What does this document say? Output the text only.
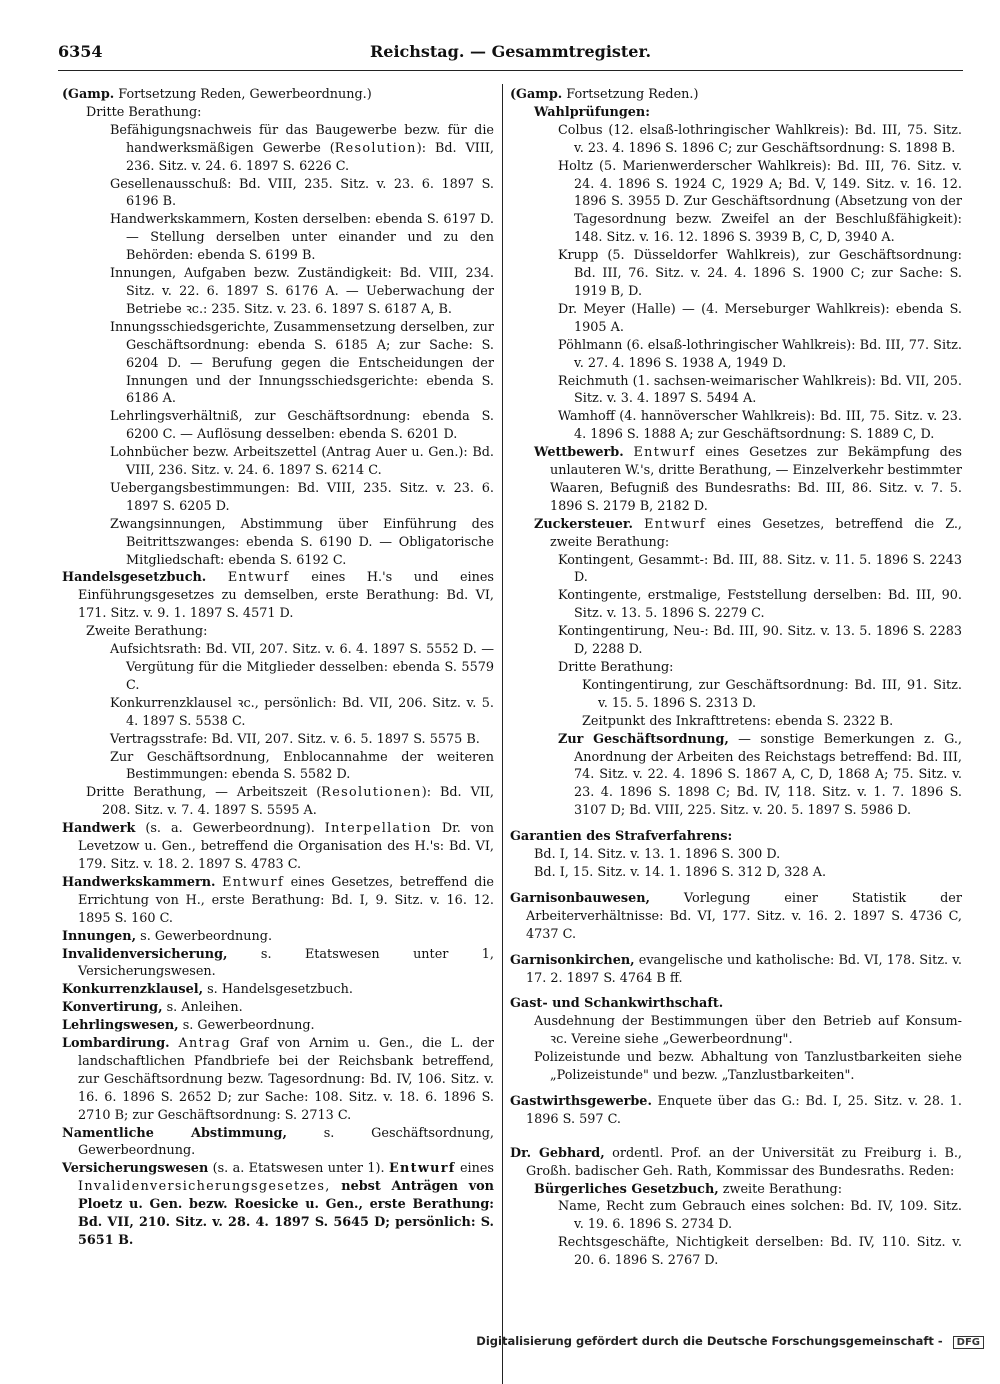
6354	Reichstag. — Gesammtregister.
(Gamp. Fortsetzung Reden, Gewerbeordnung.)
Dritte Berathung:
Befähigungsnachweis für das Baugewerbe bezw. für die handwerksmäßigen Gewerbe (Resolution): Bd. VIII, 236. Sitz. v. 24. 6. 1897 S. 6226 C.
Gesellenausschuß: Bd. VIII, 235. Sitz. v. 23. 6. 1897 S. 6196 B.
Handwerkskammern, Kosten derselben: ebenda S. 6197 D. — Stellung derselben unter einander und zu den Behörden: ebenda S. 6199 B.
Innungen, Aufgaben bezw. Zuständigkeit: Bd. VIII, 234. Sitz. v. 22. 6. 1897 S. 6176 A. — Ueberwachung der Betriebe ꝛc.: 235. Sitz. v. 23. 6. 1897 S. 6187 A, B.
Innungsschiedsgerichte, Zusammensetzung derselben, zur Geschäftsordnung: ebenda S. 6185 A; zur Sache: S. 6204 D. — Berufung gegen die Entscheidungen der Innungen und der Innungsschiedsgerichte: ebenda S. 6186 A.
Lehrlingsverhältniß, zur Geschäftsordnung: ebenda S. 6200 C. — Auflösung desselben: ebenda S. 6201 D.
Lohnbücher bezw. Arbeitszettel (Antrag Auer u. Gen.): Bd. VIII, 236. Sitz. v. 24. 6. 1897 S. 6214 C.
Uebergangsbestimmungen: Bd. VIII, 235. Sitz. v. 23. 6. 1897 S. 6205 D.
Zwangsinnungen, Abstimmung über Einführung des Beitrittszwanges: ebenda S. 6190 D. — Obligatorische Mitgliedschaft: ebenda S. 6192 C.
Handelsgesetzbuch. Entwurf eines H.'s und eines Einführungsgesetzes zu demselben, erste Berathung: Bd. VI, 171. Sitz. v. 9. 1. 1897 S. 4571 D.
Zweite Berathung:
Aufsichtsrath: Bd. VII, 207. Sitz. v. 6. 4. 1897 S. 5552 D. — Vergütung für die Mitglieder desselben: ebenda S. 5579 C.
Konkurrenzklausel ꝛc., persönlich: Bd. VII, 206. Sitz. v. 5. 4. 1897 S. 5538 C.
Vertragsstrafe: Bd. VII, 207. Sitz. v. 6. 5. 1897 S. 5575 B.
Zur Geschäftsordnung, Enblocannahme der weiteren Bestimmungen: ebenda S. 5582 D.
Dritte Berathung, — Arbeitszeit (Resolutionen): Bd. VII, 208. Sitz. v. 7. 4. 1897 S. 5595 A.
Handwerk (s. a. Gewerbeordnung). Interpellation Dr. von Levetzow u. Gen., betreffend die Organisation des H.'s: Bd. VI, 179. Sitz. v. 18. 2. 1897 S. 4783 C.
Handwerkskammern. Entwurf eines Gesetzes, betreffend die Errichtung von H., erste Berathung: Bd. I, 9. Sitz. v. 16. 12. 1895 S. 160 C.
Innungen, s. Gewerbeordnung.
Invalidenversicherung, s. Etatswesen unter 1, Versicherungswesen.
Konkurrenzklausel, s. Handelsgesetzbuch.
Konvertirung, s. Anleihen.
Lehrlingswesen, s. Gewerbeordnung.
Lombardirung. Antrag Graf von Arnim u. Gen., die L. der landschaftlichen Pfandbriefe bei der Reichsbank betreffend, zur Geschäftsordnung bezw. Tagesordnung: Bd. IV, 106. Sitz. v. 16. 6. 1896 S. 2652 D; zur Sache: 108. Sitz. v. 18. 6. 1896 S. 2710 B; zur Geschäftsordnung: S. 2713 C.
Namentliche Abstimmung, s. Geschäftsordnung, Gewerbeordnung.
Versicherungswesen (s. a. Etatswesen unter 1). Entwurf eines Invalidenversicherungsgesetzes, nebst Anträgen von Ploetz u. Gen. bezw. Roesicke u. Gen., erste Berathung: Bd. VII, 210. Sitz. v. 28. 4. 1897 S. 5645 D; persönlich: S. 5651 B.
(Gamp. Fortsetzung Reden.)
Wahlprüfungen:
Colbus (12. elsaß-lothringischer Wahlkreis): Bd. III, 75. Sitz. v. 23. 4. 1896 S. 1896 C; zur Geschäftsordnung: S. 1898 B.
Holtz (5. Marienwerderscher Wahlkreis): Bd. III, 76. Sitz. v. 24. 4. 1896 S. 1924 C, 1929 A; Bd. V, 149. Sitz. v. 16. 12. 1896 S. 3955 D. Zur Geschäftsordnung (Absetzung von der Tagesordnung bezw. Zweifel an der Beschlußfähigkeit): 148. Sitz. v. 16. 12. 1896 S. 3939 B, C, D, 3940 A.
Krupp (5. Düsseldorfer Wahlkreis), zur Geschäftsordnung: Bd. III, 76. Sitz. v. 24. 4. 1896 S. 1900 C; zur Sache: S. 1919 B, D.
Dr. Meyer (Halle) — (4. Merseburger Wahlkreis): ebenda S. 1905 A.
Pöhlmann (6. elsaß-lothringischer Wahlkreis): Bd. III, 77. Sitz. v. 27. 4. 1896 S. 1938 A, 1949 D.
Reichmuth (1. sachsen-weimarischer Wahlkreis): Bd. VII, 205. Sitz. v. 3. 4. 1897 S. 5494 A.
Wamhoff (4. hannöverscher Wahlkreis): Bd. III, 75. Sitz. v. 23. 4. 1896 S. 1888 A; zur Geschäftsordnung: S. 1889 C, D.
Wettbewerb. Entwurf eines Gesetzes zur Bekämpfung des unlauteren W.'s, dritte Berathung, — Einzelverkehr bestimmter Waaren, Befugniß des Bundesraths: Bd. III, 86. Sitz. v. 7. 5. 1896 S. 2179 B, 2182 D.
Zuckersteuer. Entwurf eines Gesetzes, betreffend die Z., zweite Berathung:
Kontingent, Gesammt-: Bd. III, 88. Sitz. v. 11. 5. 1896 S. 2243 D.
Kontingente, erstmalige, Feststellung derselben: Bd. III, 90. Sitz. v. 13. 5. 1896 S. 2279 C.
Kontingentirung, Neu-: Bd. III, 90. Sitz. v. 13. 5. 1896 S. 2283 D, 2288 D.
Dritte Berathung:
Kontingentirung, zur Geschäftsordnung: Bd. III, 91. Sitz. v. 15. 5. 1896 S. 2313 D.
Zeitpunkt des Inkrafttretens: ebenda S. 2322 B.
Zur Geschäftsordnung, — sonstige Bemerkungen z. G., Anordnung der Arbeiten des Reichstags betreffend: Bd. III, 74. Sitz. v. 22. 4. 1896 S. 1867 A, C, D, 1868 A; 75. Sitz. v. 23. 4. 1896 S. 1898 C; Bd. IV, 118. Sitz. v. 1. 7. 1896 S. 3107 D; Bd. VIII, 225. Sitz. v. 20. 5. 1897 S. 5986 D.
Garantien des Strafverfahrens:
Bd. I, 14. Sitz. v. 13. 1. 1896 S. 300 D.
Bd. I, 15. Sitz. v. 14. 1. 1896 S. 312 D, 328 A.
Garnisonbauwesen, Vorlegung einer Statistik der Arbeiterverhältnisse: Bd. VI, 177. Sitz. v. 16. 2. 1897 S. 4736 C, 4737 C.
Garnisonkirchen, evangelische und katholische: Bd. VI, 178. Sitz. v. 17. 2. 1897 S. 4764 B ff.
Gast- und Schankwirthschaft.
Ausdehnung der Bestimmungen über den Betrieb auf Konsum- ꝛc. Vereine siehe „Gewerbeordnung".
Polizeistunde und bezw. Abhaltung von Tanzlustbarkeiten siehe „Polizeistunde" und bezw. „Tanzlustbarkeiten".
Gastwirthsgewerbe. Enquete über das G.: Bd. I, 25. Sitz. v. 28. 1. 1896 S. 597 C.
Dr. Gebhard, ordentl. Prof. an der Universität zu Freiburg i. B., Großh. badischer Geh. Rath, Kommissar des Bundesraths. Reden:
Bürgerliches Gesetzbuch, zweite Berathung:
Name, Recht zum Gebrauch eines solchen: Bd. IV, 109. Sitz. v. 19. 6. 1896 S. 2734 D.
Rechtsgeschäfte, Nichtigkeit derselben: Bd. IV, 110. Sitz. v. 20. 6. 1896 S. 2767 D.
Digitalisierung gefördert durch die Deutsche Forschungsgemeinschaft - DFG
